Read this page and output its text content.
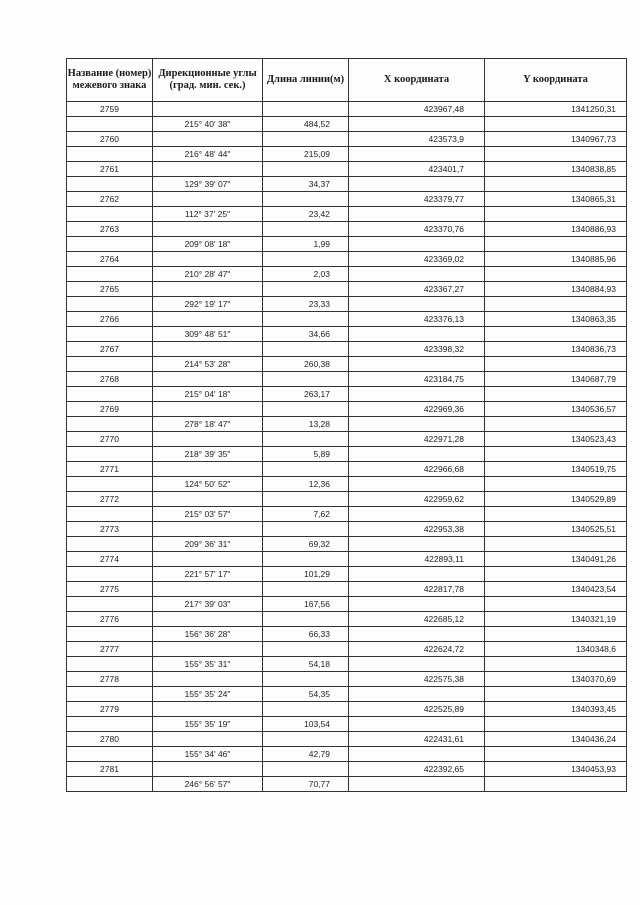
Название (номер) межевого знака	Дирекционные углы (град. мин. сек.)	Длина линии(м)	X координата	Y координата
2759			423967,48	1341250,31
	215° 40' 38"	484,52		
2760			423573,9	1340967,73
	216° 48' 44"	215,09		
2761			423401,7	1340838,85
	129° 39' 07"	34,37		
2762			423379,77	1340865,31
	112° 37' 25"	23,42		
2763			423370,76	1340886,93
	209° 08' 18"	1,99		
2764			423369,02	1340885,96
	210° 28' 47"	2,03		
2765			423367,27	1340884,93
	292° 19' 17"	23,33		
2766			423376,13	1340863,35
	309° 48' 51"	34,66		
2767			423398,32	1340836,73
	214° 53' 28"	260,38		
2768			423184,75	1340687,79
	215° 04' 18"	263,17		
2769			422969,36	1340536,57
	278° 18' 47"	13,28		
2770			422971,28	1340523,43
	218° 39' 35"	5,89		
2771			422966,68	1340519,75
	124° 50' 52"	12,36		
2772			422959,62	1340529,89
	215° 03' 57"	7,62		
2773			422953,38	1340525,51
	209° 36' 31"	69,32		
2774			422893,11	1340491,26
	221° 57' 17"	101,29		
2775			422817,78	1340423,54
	217° 39' 03"	167,56		
2776			422685,12	1340321,19
	156° 36' 28"	66,33		
2777			422624,72	1340348,6
	155° 35' 31"	54,18		
2778			422575,38	1340370,69
	155° 35' 24"	54,35		
2779			422525,89	1340393,45
	155° 35' 19"	103,54		
2780			422431,61	1340436,24
	155° 34' 46"	42,79		
2781			422392,65	1340453,93
	246° 56' 57"	70,77		
